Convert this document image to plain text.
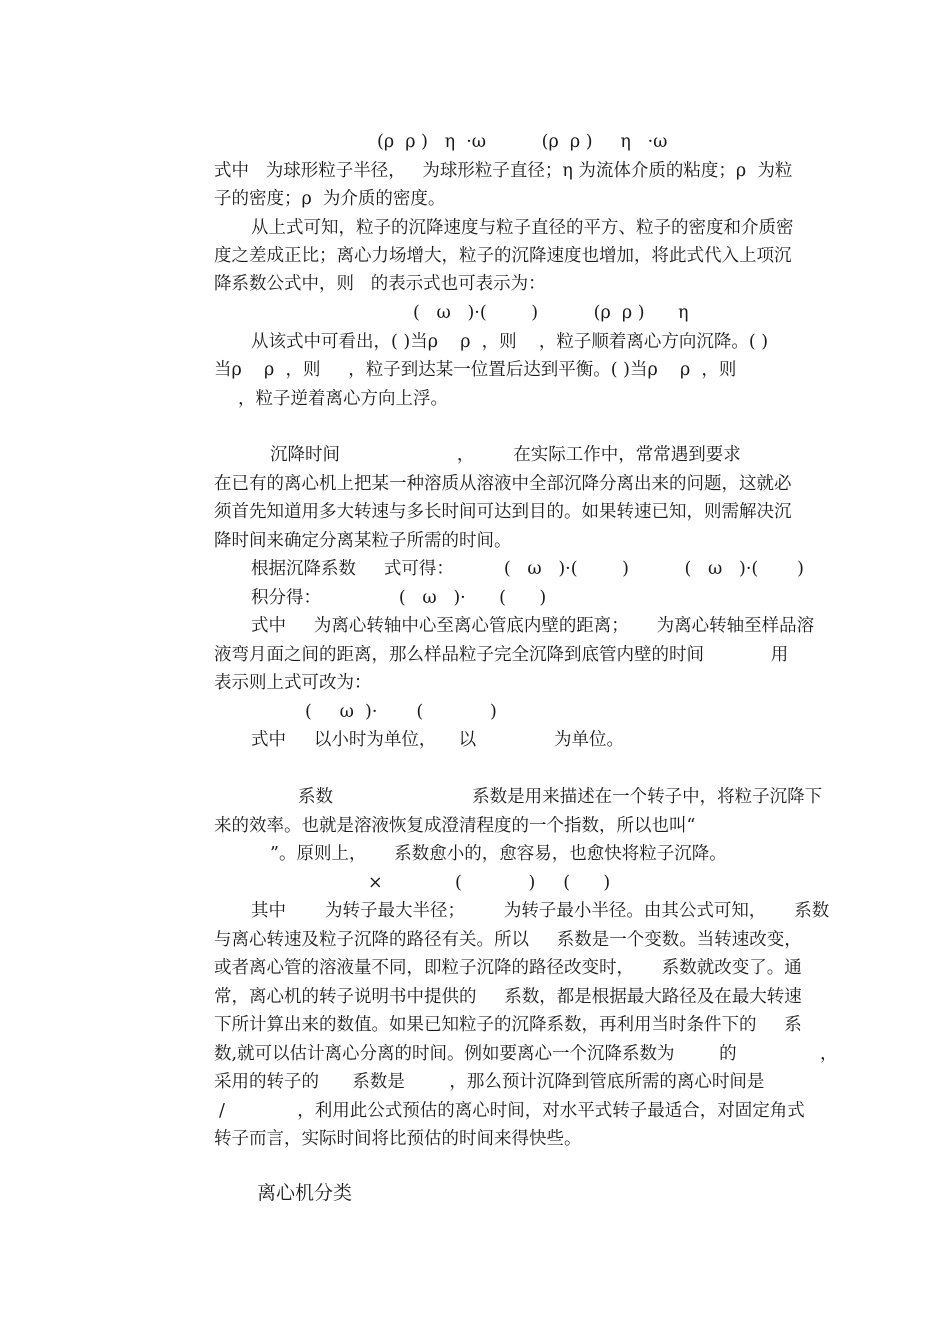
(ρ  ρ )   η  ·ω          (ρ  ρ )     η   ·ω
式中   为球形粒子半径，   为球形粒子直径；η 为流体介质的粘度；ρ  为粒
子的密度；ρ  为介质的密度。
从上式可知，粒子的沉降速度与粒子直径的平方、粒子的密度和介质密
度之差成正比；离心力场增大，粒子的沉降速度也增加，将此式代入上项沉
降系数公式中，则   的表示式也可表示为：
(   ω   )·(        )          (ρ  ρ )      η
从该式中可看出，( )当ρ    ρ  ，则    ，粒子顺着离心方向沉降。( )
当ρ    ρ  ，则     ，粒子到达某一位置后达到平衡。( )当ρ    ρ  ，则
，粒子逆着离心方向上浮。
沉降时间                     ，       在实际工作中，常常遇到要求
在已有的离心机上把某一种溶质从溶液中全部沉降分离出来的问题，这就必
须首先知道用多大转速与多长时间可达到目的。如果转速已知，则需解决沉
降时间来确定分离某粒子所需的时间。
根据沉降系数     式可得：         (   ω   )·(        )          (   ω   )·(       )
积分得：              (   ω   )·      (      )
式中     为离心转轴中心至离心管底内壁的距离；     为离心转轴至样品溶
液弯月面之间的距离，那么样品粒子完全沉降到底管内壁的时间            用
表示则上式可改为：
(     ω  )·       (            )
式中     以小时为单位，    以              为单位。
系数                         系数是用来描述在一个转子中，将粒子沉降下
来的效率。也就是溶液恢复成澄清程度的一个指数，所以也叫“
”。原则上，     系数愈小的，愈容易，也愈快将粒子沉降。
×             (            )     (      )
其中       为转子最大半径；       为转子最小半径。由其公式可知，     系数
与离心转速及粒子沉降的路径有关。所以     系数是一个变数。当转速改变，
或者离心管的溶液量不同，即粒子沉降的路径改变时，     系数就改变了。通
常，离心机的转子说明书中提供的     系数，都是根据最大路径及在最大转速
下所计算出来的数值。如果已知粒子的沉降系数，再利用当时条件下的     系
数,就可以估计离心分离的时间。例如要离心一个沉降系数为        的               ，
采用的转子的      系数是        ，那么预计沉降到管底所需的离心时间是
/             ，利用此公式预估的离心时间，对水平式转子最适合，对固定角式
转子而言，实际时间将比预估的时间来得快些。
离心机分类
